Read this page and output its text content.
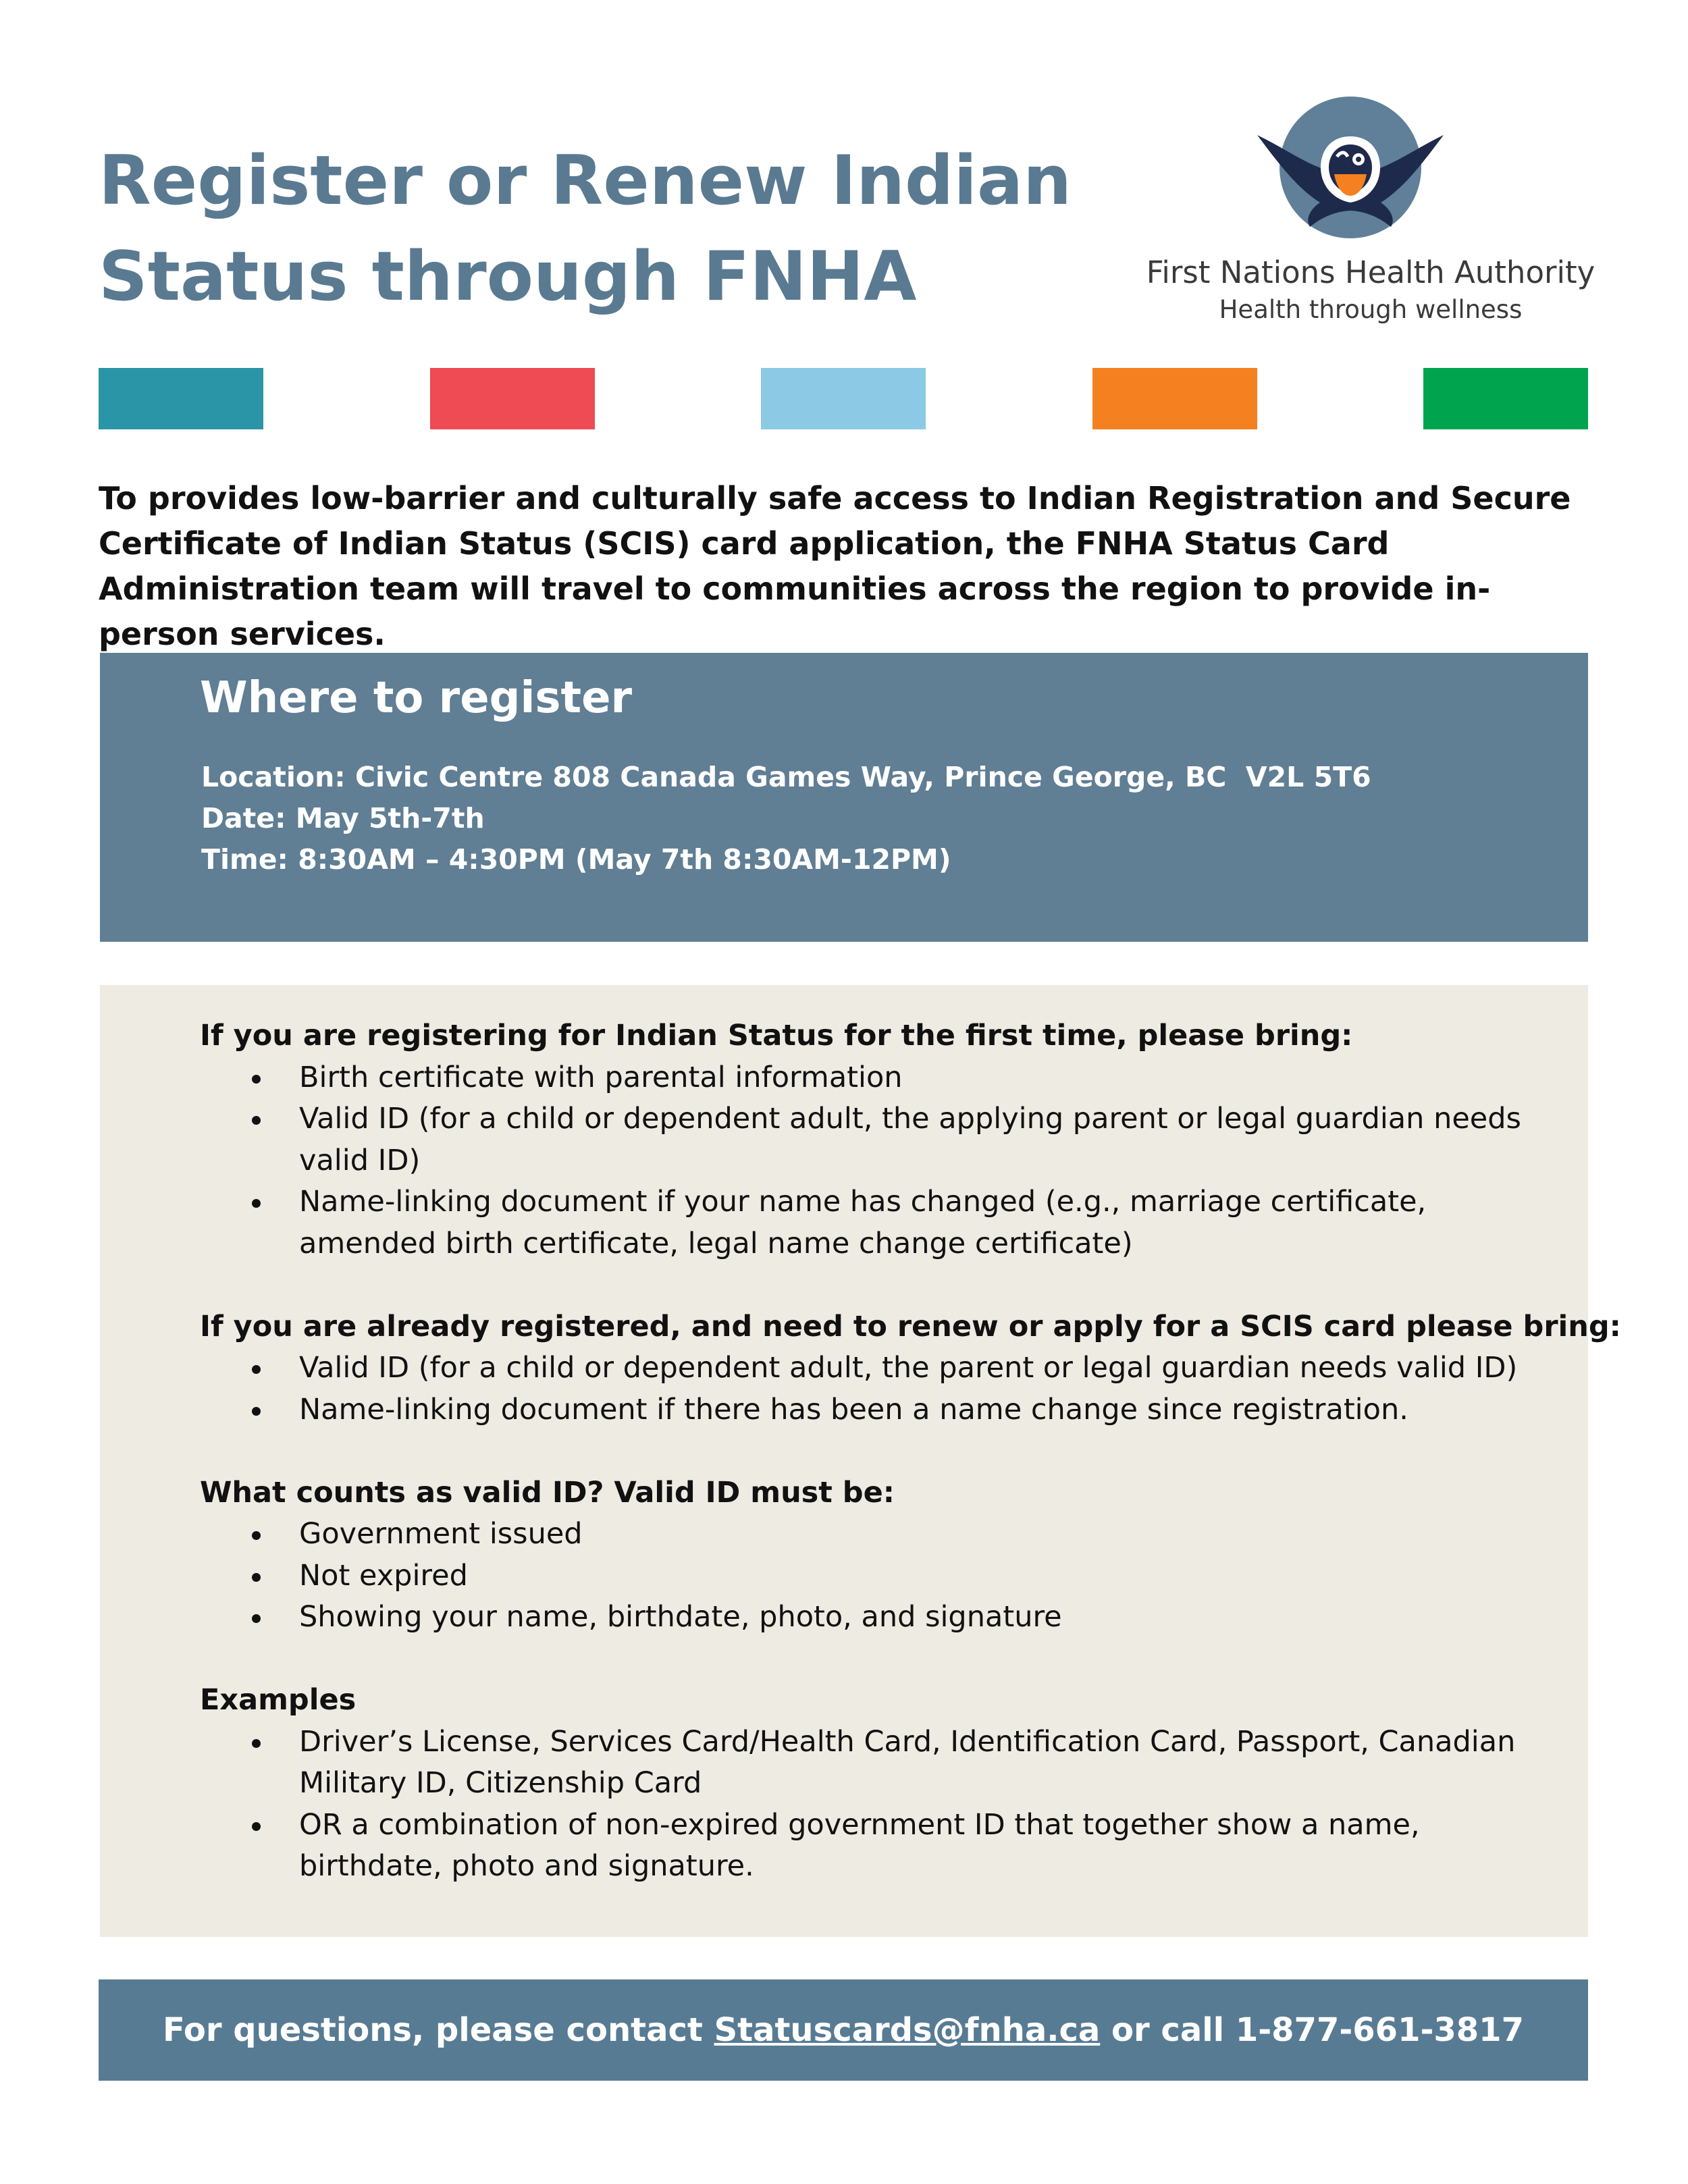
Register or Renew Indian
Status through FNHA	First Nations Health Authority
Health through wellness

To provides low-barrier and culturally safe access to Indian Registration and Secure Certificate of Indian Status (SCIS) card application, the FNHA Status Card Administration team will travel to communities across the region to provide in-person services.

Where to register
Location: Civic Centre 808 Canada Games Way, Prince George, BC  V2L 5T6
Date: May 5th-7th
Time: 8:30AM – 4:30PM (May 7th 8:30AM-12PM)

If you are registering for Indian Status for the first time, please bring:

Birth certificate with parental information
Valid ID (for a child or dependent adult, the applying parent or legal guardian needs valid ID)
Name-linking document if your name has changed (e.g., marriage certificate, amended birth certificate, legal name change certificate)

If you are already registered, and need to renew or apply for a SCIS card please bring:

Valid ID (for a child or dependent adult, the parent or legal guardian needs valid ID)
Name-linking document if there has been a name change since registration.

What counts as valid ID? Valid ID must be:

Government issued
Not expired
Showing your name, birthdate, photo, and signature

Examples

Driver’s License, Services Card/Health Card, Identification Card, Passport, Canadian Military ID, Citizenship Card
OR a combination of non-expired government ID that together show a name, birthdate, photo and signature.
For questions, please contact Statuscards@fnha.ca or call 1-877-661-3817
